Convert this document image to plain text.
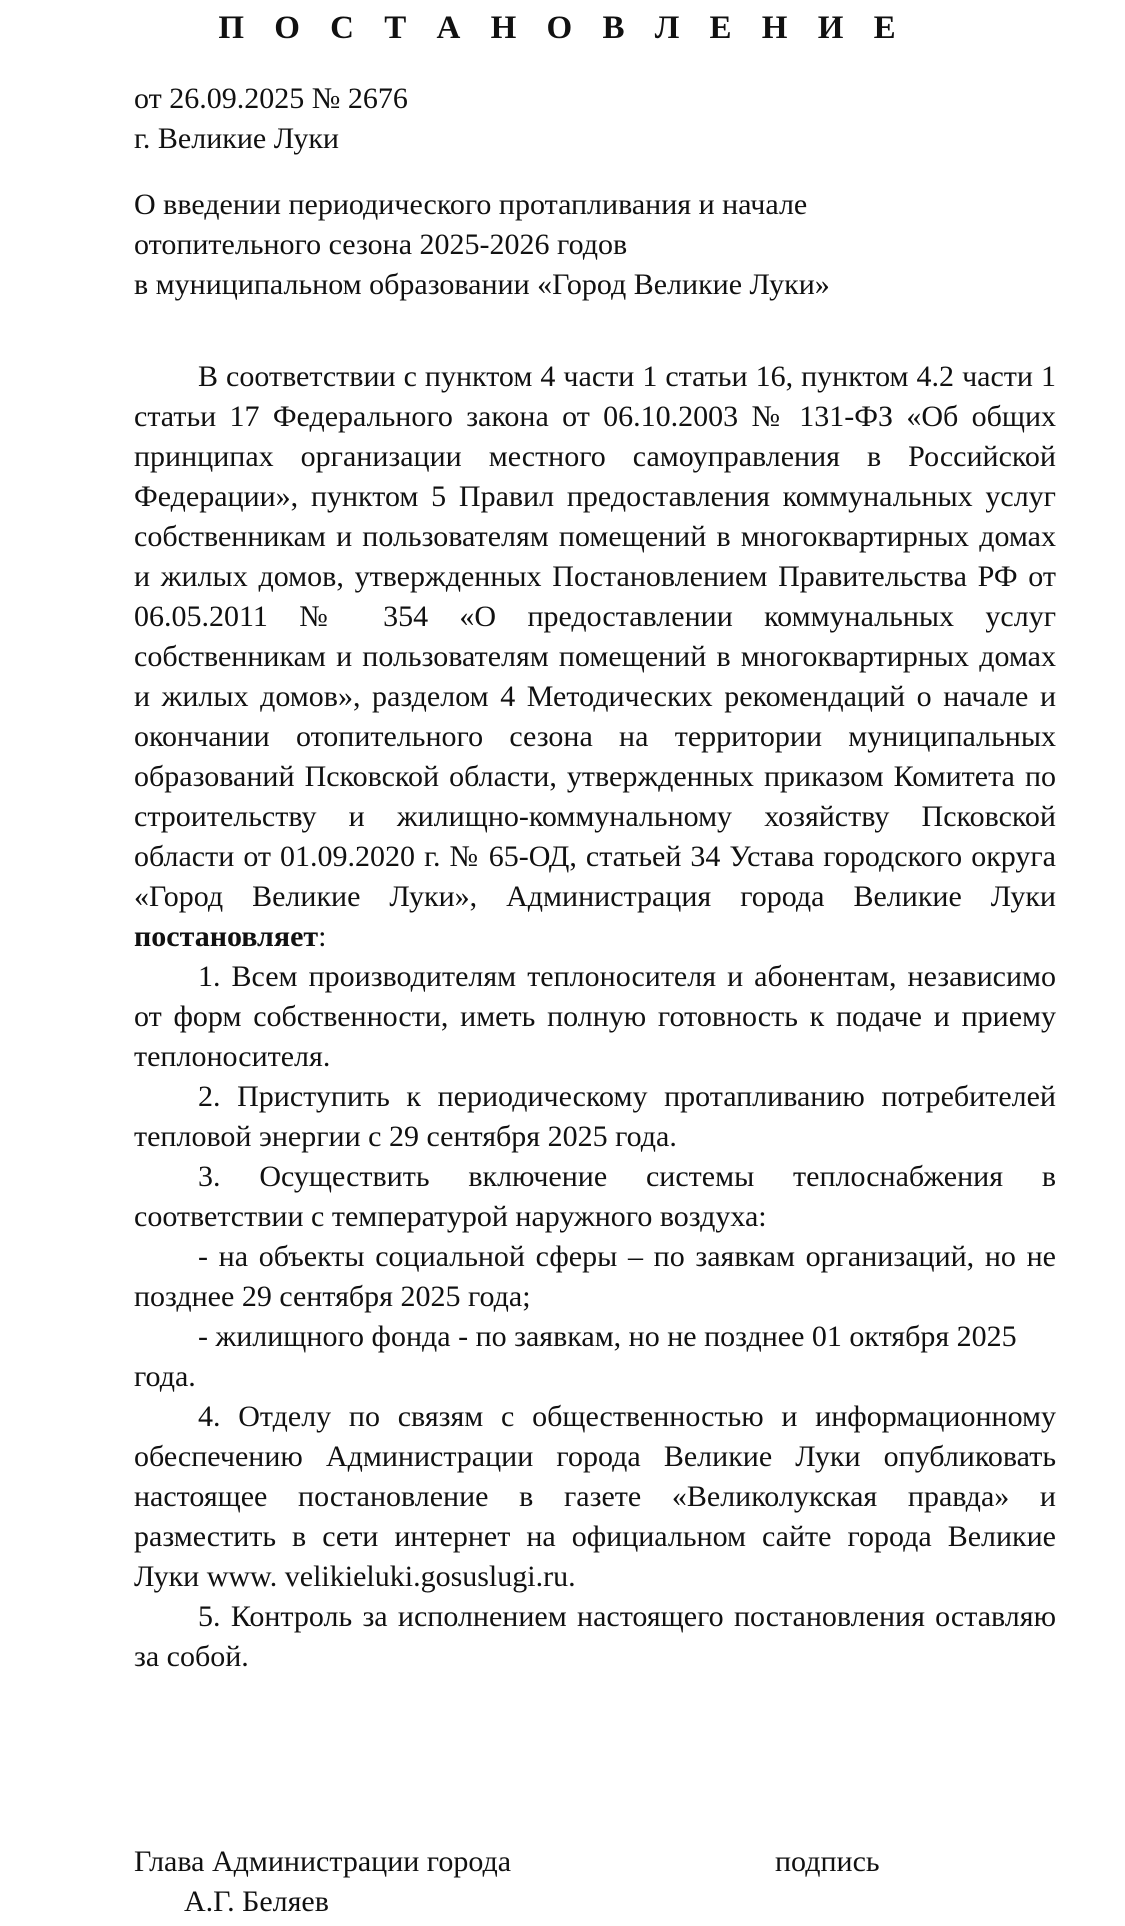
П О С Т А Н О В Л Е Н И Е
от 26.09.2025 № 2676
г. Великие Луки
О введении периодического протапливания и начале
отопительного сезона 2025-2026 годов
в муниципальном образовании «Город Великие Луки»

В соответствии с пунктом 4 части 1 статьи 16, пунктом 4.2 части 1 статьи 17 Федерального закона от 06.10.2003 № 131-ФЗ «Об общих принципах организации местного самоуправления в Российской Федерации», пунктом 5 Правил предоставления коммунальных услуг собственникам и пользователям помещений в многоквартирных домах и жилых домов, утвержденных Постановлением Правительства РФ от 06.05.2011 № 354 «О предоставлении коммунальных услуг собственникам и пользователям помещений в многоквартирных домах и жилых домов», разделом 4 Методических рекомендаций о начале и окончании отопительного сезона на территории муниципальных образований Псковской области, утвержденных приказом Комитета по строительству и жилищно-коммунальному хозяйству Псковской области от 01.09.2020 г. № 65-ОД, статьей 34 Устава городского округа «Город Великие Луки», Администрация города Великие Луки постановляет:

1. Всем производителям теплоносителя и абонентам, независимо от форм собственности, иметь полную готовность к подаче и приему теплоносителя.

2. Приступить к периодическому протапливанию потребителей тепловой энергии с 29 сентября 2025 года.

3. Осуществить включение системы теплоснабжения в соответствии с температурой наружного воздуха:

- на объекты социальной сферы – по заявкам организаций, но не позднее 29 сентября 2025 года;

- жилищного фонда - по заявкам, но не позднее 01 октября 2025 года.

4. Отделу по связям с общественностью и информационному обеспечению Администрации города Великие Луки опубликовать настоящее постановление в газете «Великолукская правда» и разместить в сети интернет на официальном сайте города Великие Луки www. velikieluki.gosuslugi.ru.

5. Контроль за исполнением настоящего постановления оставляю за собой.

Глава Администрации города	подпись
А.Г. Беляев
